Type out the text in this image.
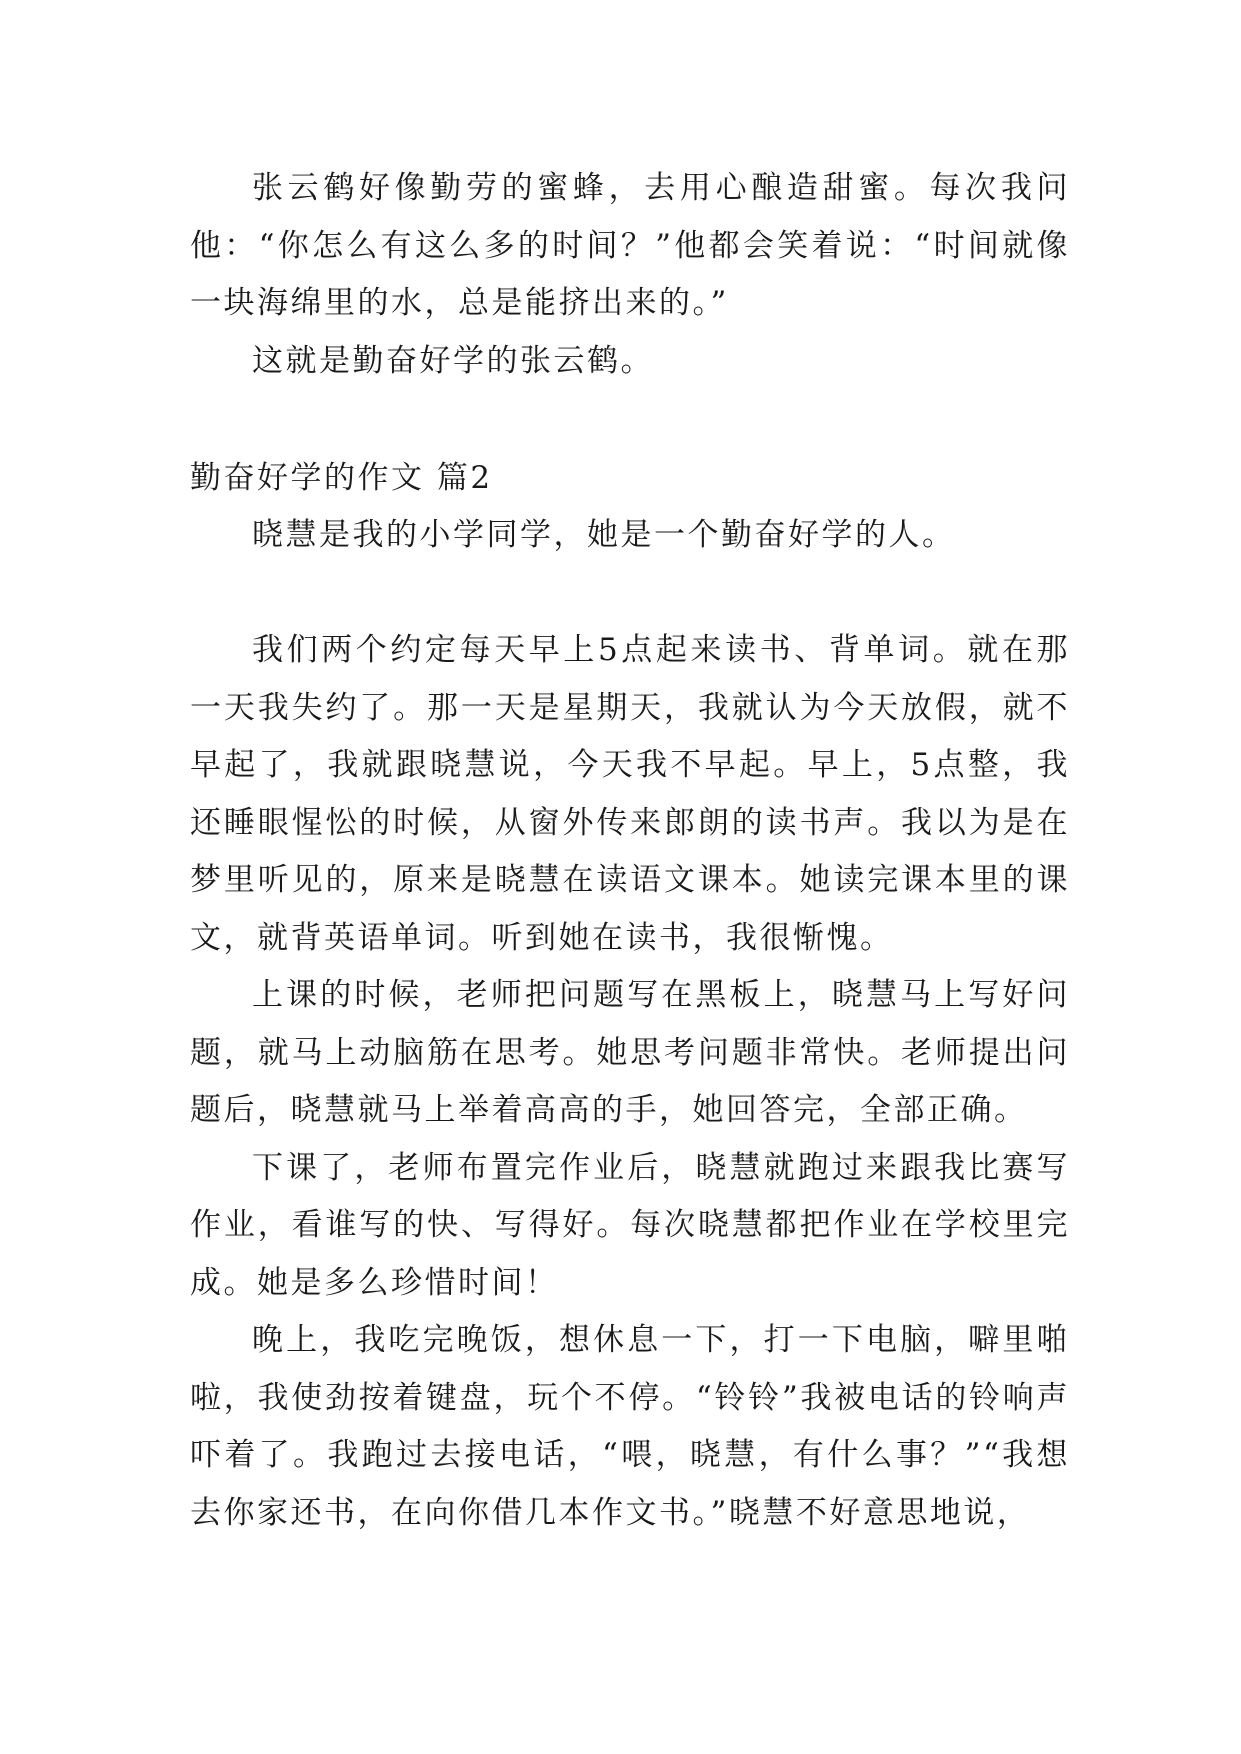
张云鹤好像勤劳的蜜蜂，去用心酿造甜蜜。每次我问他：“你怎么有这么多的时间？”他都会笑着说：“时间就像一块海绵里的水，总是能挤出来的。”

这就是勤奋好学的张云鹤。

勤奋好学的作文 篇2

晓慧是我的小学同学，她是一个勤奋好学的人。

我们两个约定每天早上5点起来读书、背单词。就在那一天我失约了。那一天是星期天，我就认为今天放假，就不早起了，我就跟晓慧说，今天我不早起。早上，5点整，我还睡眼惺忪的时候，从窗外传来郎朗的读书声。我以为是在梦里听见的，原来是晓慧在读语文课本。她读完课本里的课文，就背英语单词。听到她在读书，我很惭愧。

上课的时候，老师把问题写在黑板上，晓慧马上写好问题，就马上动脑筋在思考。她思考问题非常快。老师提出问题后，晓慧就马上举着高高的手，她回答完，全部正确。

下课了，老师布置完作业后，晓慧就跑过来跟我比赛写作业，看谁写的快、写得好。每次晓慧都把作业在学校里完成。她是多么珍惜时间！

晚上，我吃完晚饭，想休息一下，打一下电脑，噼里啪啦，我使劲按着键盘，玩个不停。“铃铃”我被电话的铃响声吓着了。我跑过去接电话，“喂，晓慧，有什么事？”“我想去你家还书，在向你借几本作文书。”晓慧不好意思地说，
